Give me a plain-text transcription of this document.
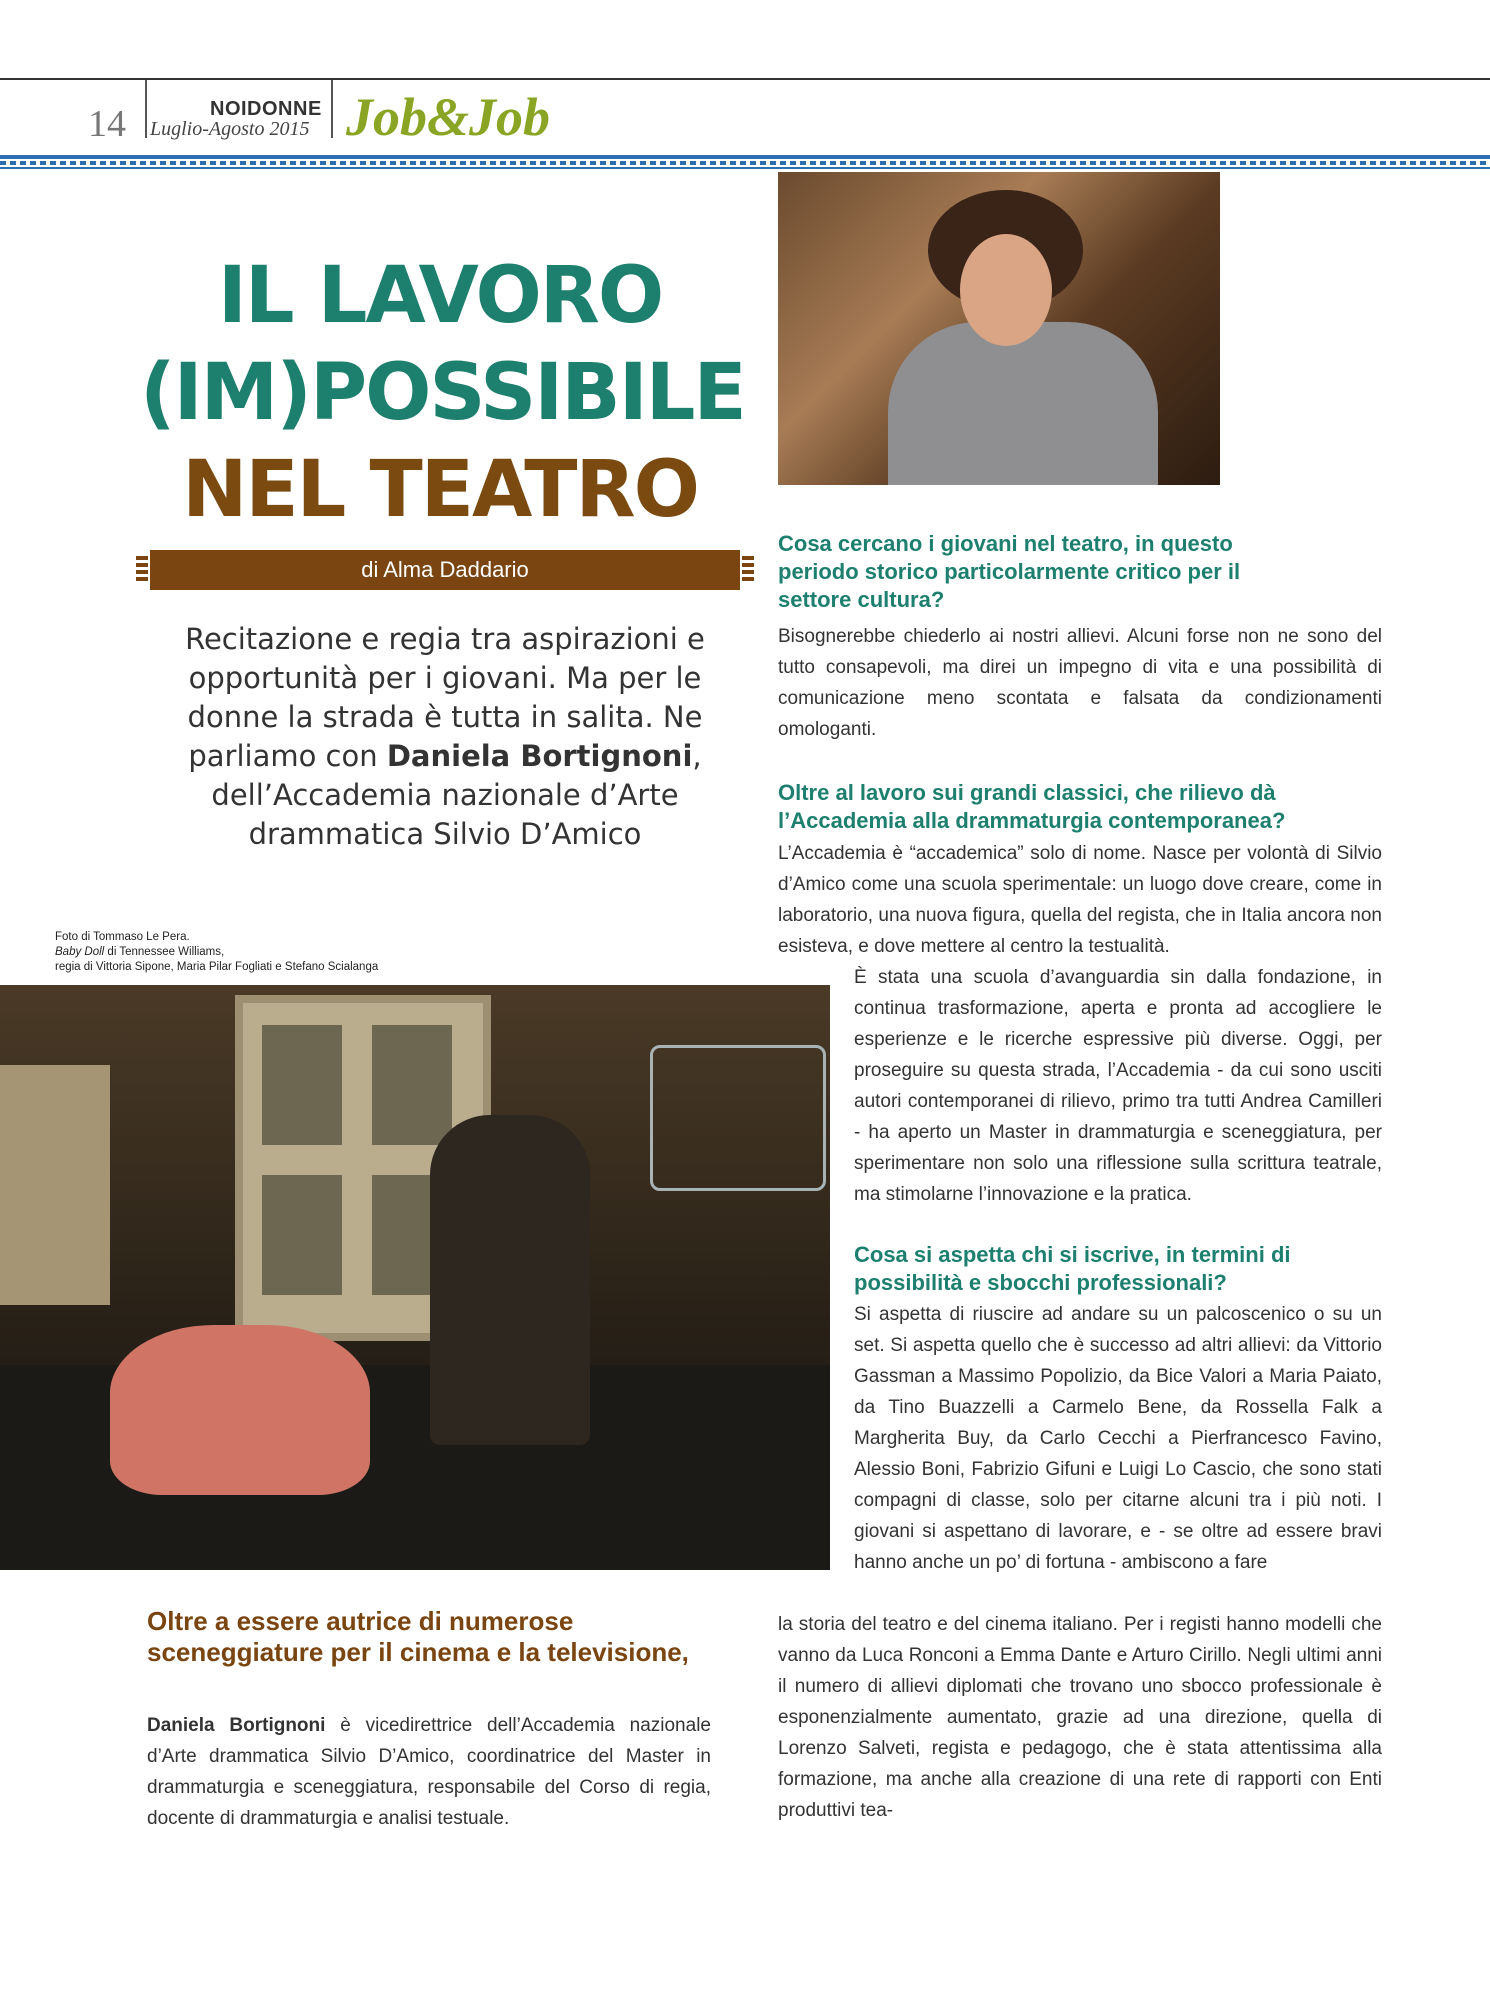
14	NOIDONNE
Luglio-Agosto 2015 Job&Job
IL LAVORO
(IM)POSSIBILE
NEL TEATRO
di Alma Daddario
Recitazione e regia tra aspirazioni e opportunità per i giovani. Ma per le donne la strada è tutta in salita. Ne parliamo con Daniela Bortignoni, dell’Accademia nazionale d’Arte drammatica Silvio D’Amico
Foto di Tommaso Le Pera.
Baby Doll di Tennessee Williams,
regia di Vittoria Sipone, Maria Pilar Fogliati e Stefano Scialanga
Cosa cercano i giovani nel teatro, in questo periodo storico particolarmente critico per il settore cultura?
Bisognerebbe chiederlo ai nostri allievi. Alcuni forse non ne sono del tutto consapevoli, ma direi un impegno di vita e una possibilità di comunicazione meno scontata e falsata da condizionamenti omologanti.
Oltre al lavoro sui grandi classici, che rilievo dà l’Accademia alla drammaturgia contemporanea?
L’Accademia è “accademica” solo di nome. Nasce per volontà di Silvio d’Amico come una scuola sperimentale: un luogo dove creare, come in laboratorio, una nuova figura, quella del regista, che in Italia ancora non esisteva, e dove mettere al centro la testualità.
È stata una scuola d’avanguardia sin dalla fondazione, in continua trasformazione, aperta e pronta ad accogliere le esperienze e le ricerche espressive più diverse. Oggi, per proseguire su questa strada, l’Accademia - da cui sono usciti autori contemporanei di rilievo, primo tra tutti Andrea Camilleri - ha aperto un Master in drammaturgia e sceneggiatura, per sperimentare non solo una riflessione sulla scrittura teatrale, ma stimolarne l’innovazione e la pratica.
Cosa si aspetta chi si iscrive, in termini di possibilità e sbocchi professionali?
Si aspetta di riuscire ad andare su un palcoscenico o su un set. Si aspetta quello che è successo ad altri allievi: da Vittorio Gassman a Massimo Popolizio, da Bice Valori a Maria Paiato, da Tino Buazzelli a Carmelo Bene, da Rossella Falk a Margherita Buy, da Carlo Cecchi a Pierfrancesco Favino, Alessio Boni, Fabrizio Gifuni e Luigi Lo Cascio, che sono stati compagni di classe, solo per citarne alcuni tra i più noti. I giovani si aspettano di lavorare, e - se oltre ad essere bravi hanno anche un po’ di fortuna - ambiscono a fare
la storia del teatro e del cinema italiano. Per i registi hanno modelli che vanno da Luca Ronconi a Emma Dante e Arturo Cirillo. Negli ultimi anni il numero di allievi diplomati che trovano uno sbocco professionale è esponenzialmente aumentato, grazie ad una direzione, quella di Lorenzo Salveti, regista e pedagogo, che è stata attentissima alla formazione, ma anche alla creazione di una rete di rapporti con Enti produttivi tea-
Oltre a essere autrice di numerose sceneggiature per il cinema e la televisione,
Daniela Bortignoni è vicedirettrice dell’Accademia nazionale d’Arte drammatica Silvio D’Amico, coordinatrice del Master in drammaturgia e sceneggiatura, responsabile del Corso di regia, docente di drammaturgia e analisi testuale.
